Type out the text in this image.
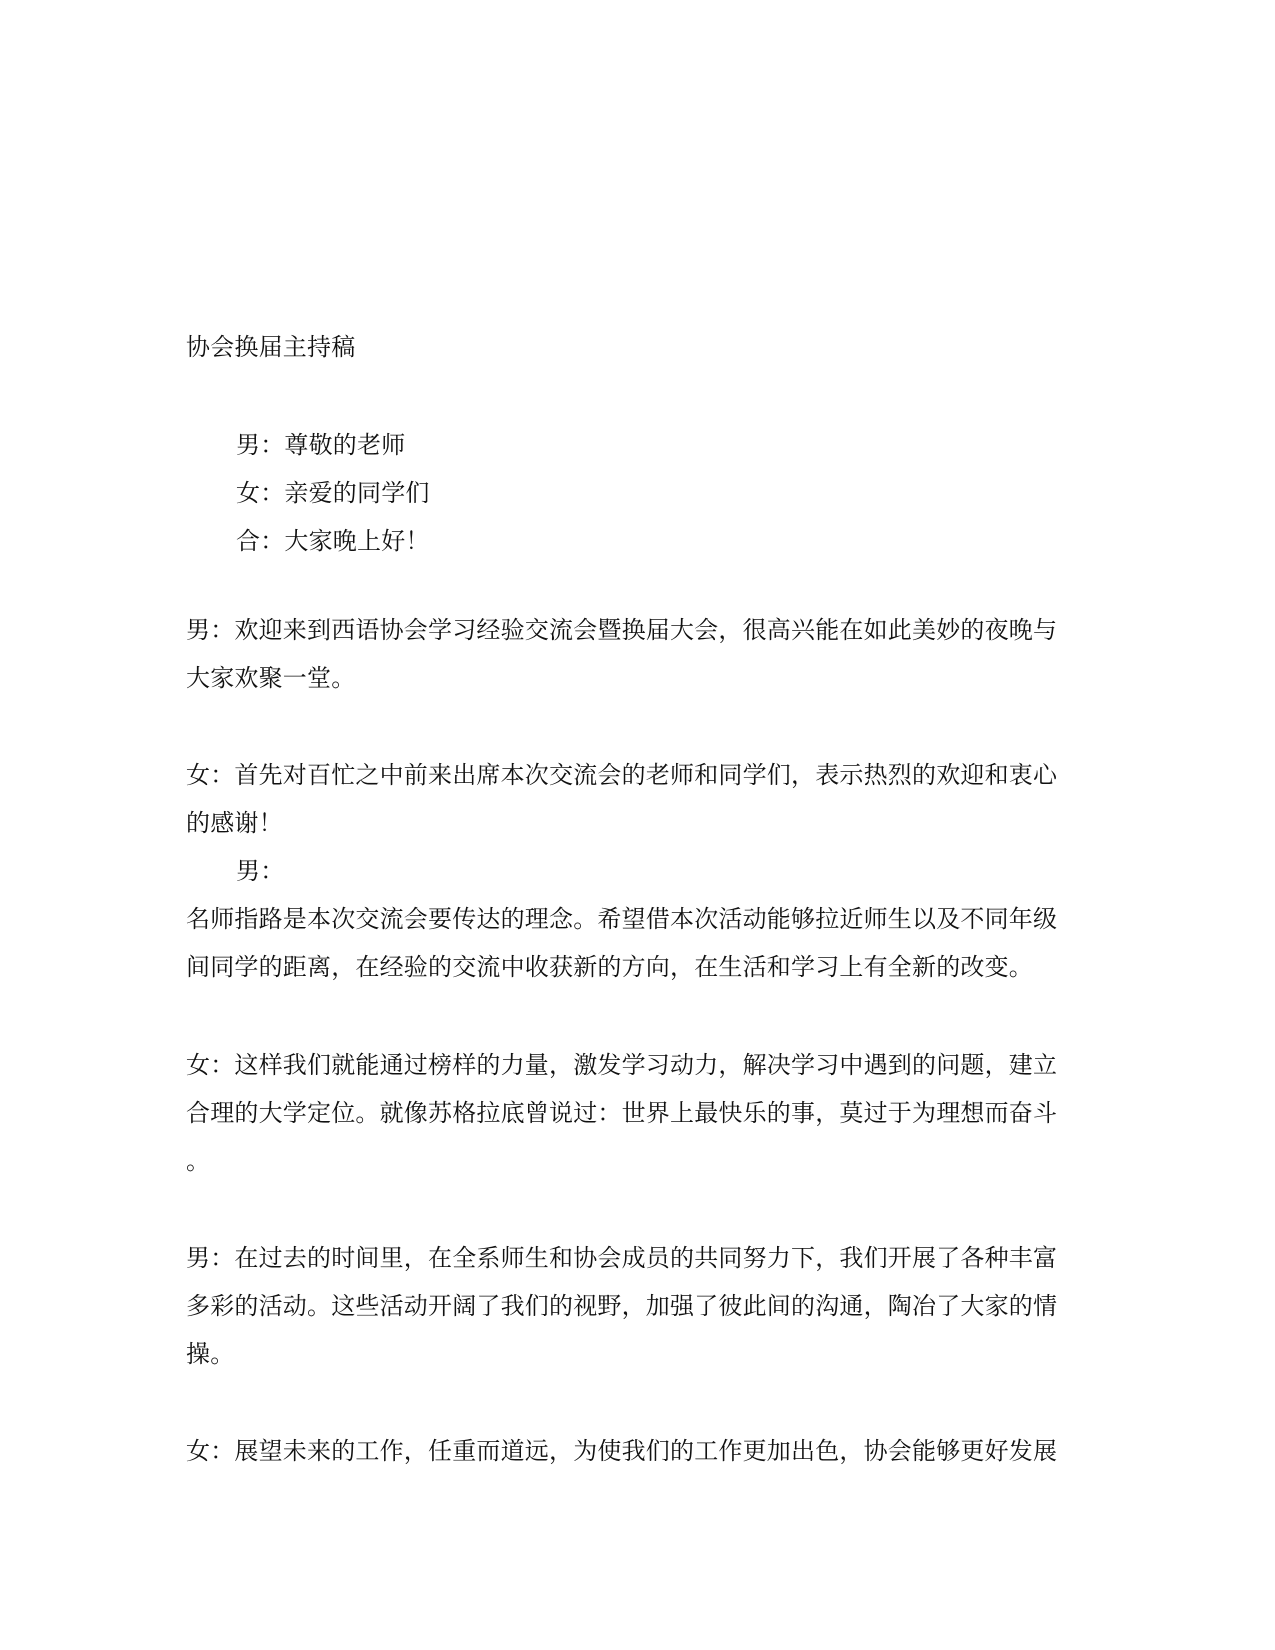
协会换届主持稿
男：尊敬的老师
女：亲爱的同学们
合：大家晚上好！
男：欢迎来到西语协会学习经验交流会暨换届大会，很高兴能在如此美妙的夜晚与
大家欢聚一堂。
女：首先对百忙之中前来出席本次交流会的老师和同学们，表示热烈的欢迎和衷心
的感谢！
男：
名师指路是本次交流会要传达的理念。希望借本次活动能够拉近师生以及不同年级
间同学的距离，在经验的交流中收获新的方向，在生活和学习上有全新的改变。
女：这样我们就能通过榜样的力量，激发学习动力，解决学习中遇到的问题，建立
合理的大学定位。就像苏格拉底曾说过：世界上最快乐的事，莫过于为理想而奋斗
。
男：在过去的时间里，在全系师生和协会成员的共同努力下，我们开展了各种丰富
多彩的活动。这些活动开阔了我们的视野，加强了彼此间的沟通，陶冶了大家的情
操。
女：展望未来的工作，任重而道远，为使我们的工作更加出色，协会能够更好发展
